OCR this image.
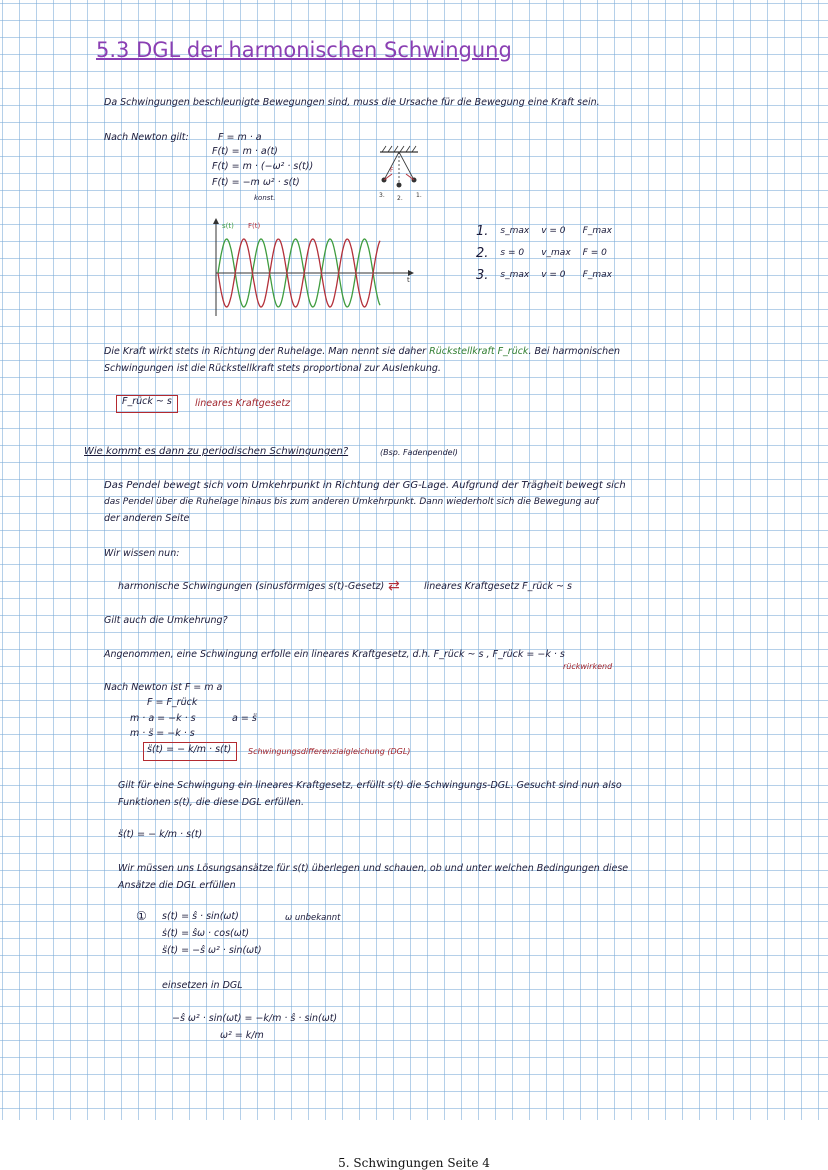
5.3 DGL der harmonischen Schwingung
Da Schwingungen beschleunigte Bewegungen sind, muss die Ursache für die Bewegung eine Kraft sein.
Nach Newton gilt:	F = m · a
F(t) = m · a(t)
F(t) = m · (−ω² · s(t))
F(t) = −m ω² · s(t)
konst.
F
3. 2. 1.
s(t) F(t)
t
1.	s_max	v = 0	F_max
2.	s = 0	v_max	F = 0
3.	s_max	v = 0	F_max
Die Kraft wirkt stets in Richtung der Ruhelage. Man nennt sie daher Rückstellkraft F_rück. Bei harmonischen
Schwingungen ist die Rückstellkraft stets proportional zur Auslenkung.
F_rück ~ s lineares Kraftgesetz
Wie kommt es dann zu periodischen Schwingungen?	(Bsp. Fadenpendel)
Das Pendel bewegt sich vom Umkehrpunkt in Richtung der GG-Lage. Aufgrund der Trägheit bewegt sich
das Pendel über die Ruhelage hinaus bis zum anderen Umkehrpunkt. Dann wiederholt sich die Bewegung auf
der anderen Seite
Wir wissen nun:
harmonische Schwingungen (sinusförmiges s(t)-Gesetz) ⇄	lineares Kraftgesetz F_rück ~ s
Gilt auch die Umkehrung?
Angenommen, eine Schwingung erfolle ein lineares Kraftgesetz, d.h. F_rück ~ s , F_rück = −k · s
rückwirkend
Nach Newton ist F = m a
F = F_rück
m · a = −k · s	a = s̈
m · s̈ = −k · s
s̈(t) = − k/m · s(t) Schwingungsdifferenzialgleichung (DGL)
Gilt für eine Schwingung ein lineares Kraftgesetz, erfüllt s(t) die Schwingungs-DGL. Gesucht sind nun also
Funktionen s(t), die diese DGL erfüllen.
s̈(t) = − k/m · s(t)
Wir müssen uns Lösungsansätze für s(t) überlegen und schauen, ob und unter welchen Bedingungen diese
Ansätze die DGL erfüllen
① s(t) = ŝ · sin(ωt)
ṡ(t) = ŝω · cos(ωt)
s̈(t) = −ŝ ω² · sin(ωt)
ω unbekannt
einsetzen in DGL
−ŝ ω² · sin(ωt) = −k/m · ŝ · sin(ωt)
ω² = k/m
5. Schwingungen Seite 4
